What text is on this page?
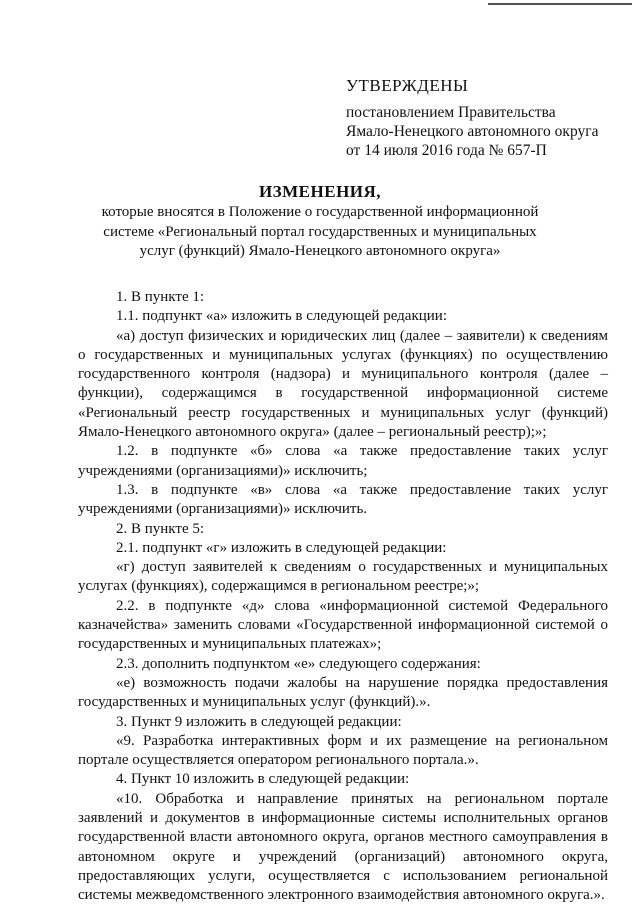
УТВЕРЖДЕНЫ
постановлением Правительства
Ямало-Ненецкого автономного округа
от 14 июля 2016 года № 657-П
ИЗМЕНЕНИЯ,
которые вносятся в Положение о государственной информационной системе «Региональный портал государственных и муниципальных услуг (функций) Ямало-Ненецкого автономного округа»

1. В пункте 1:

1.1. подпункт «а» изложить в следующей редакции:

«а) доступ физических и юридических лиц (далее – заявители) к сведениям о государственных и муниципальных услугах (функциях) по осуществлению государственного контроля (надзора) и муниципального контроля (далее – функции), содержащимся в государственной информационной системе «Региональный реестр государственных и муниципальных услуг (функций) Ямало-Ненецкого автономного округа» (далее – региональный реестр);»;

1.2. в подпункте «б» слова «а также предоставление таких услуг учреждениями (организациями)» исключить;

1.3. в подпункте «в» слова «а также предоставление таких услуг учреждениями (организациями)» исключить.

2. В пункте 5:

2.1. подпункт «г» изложить в следующей редакции:

«г) доступ заявителей к сведениям о государственных и муниципальных услугах (функциях), содержащимся в региональном реестре;»;

2.2. в подпункте «д» слова «информационной системой Федерального казначейства» заменить словами «Государственной информационной системой о государственных и муниципальных платежах»;

2.3. дополнить подпунктом «е» следующего содержания:

«е) возможность подачи жалобы на нарушение порядка предоставления государственных и муниципальных услуг (функций).».

3. Пункт 9 изложить в следующей редакции:

«9. Разработка интерактивных форм и их размещение на региональном портале осуществляется оператором регионального портала.».

4. Пункт 10 изложить в следующей редакции:

«10. Обработка и направление принятых на региональном портале заявлений и документов в информационные системы исполнительных органов государственной власти автономного округа, органов местного самоуправления в автономном округе и учреждений (организаций) автономного округа, предоставляющих услуги, осуществляется с использованием региональной системы межведомственного электронного взаимодействия автономного округа.».
